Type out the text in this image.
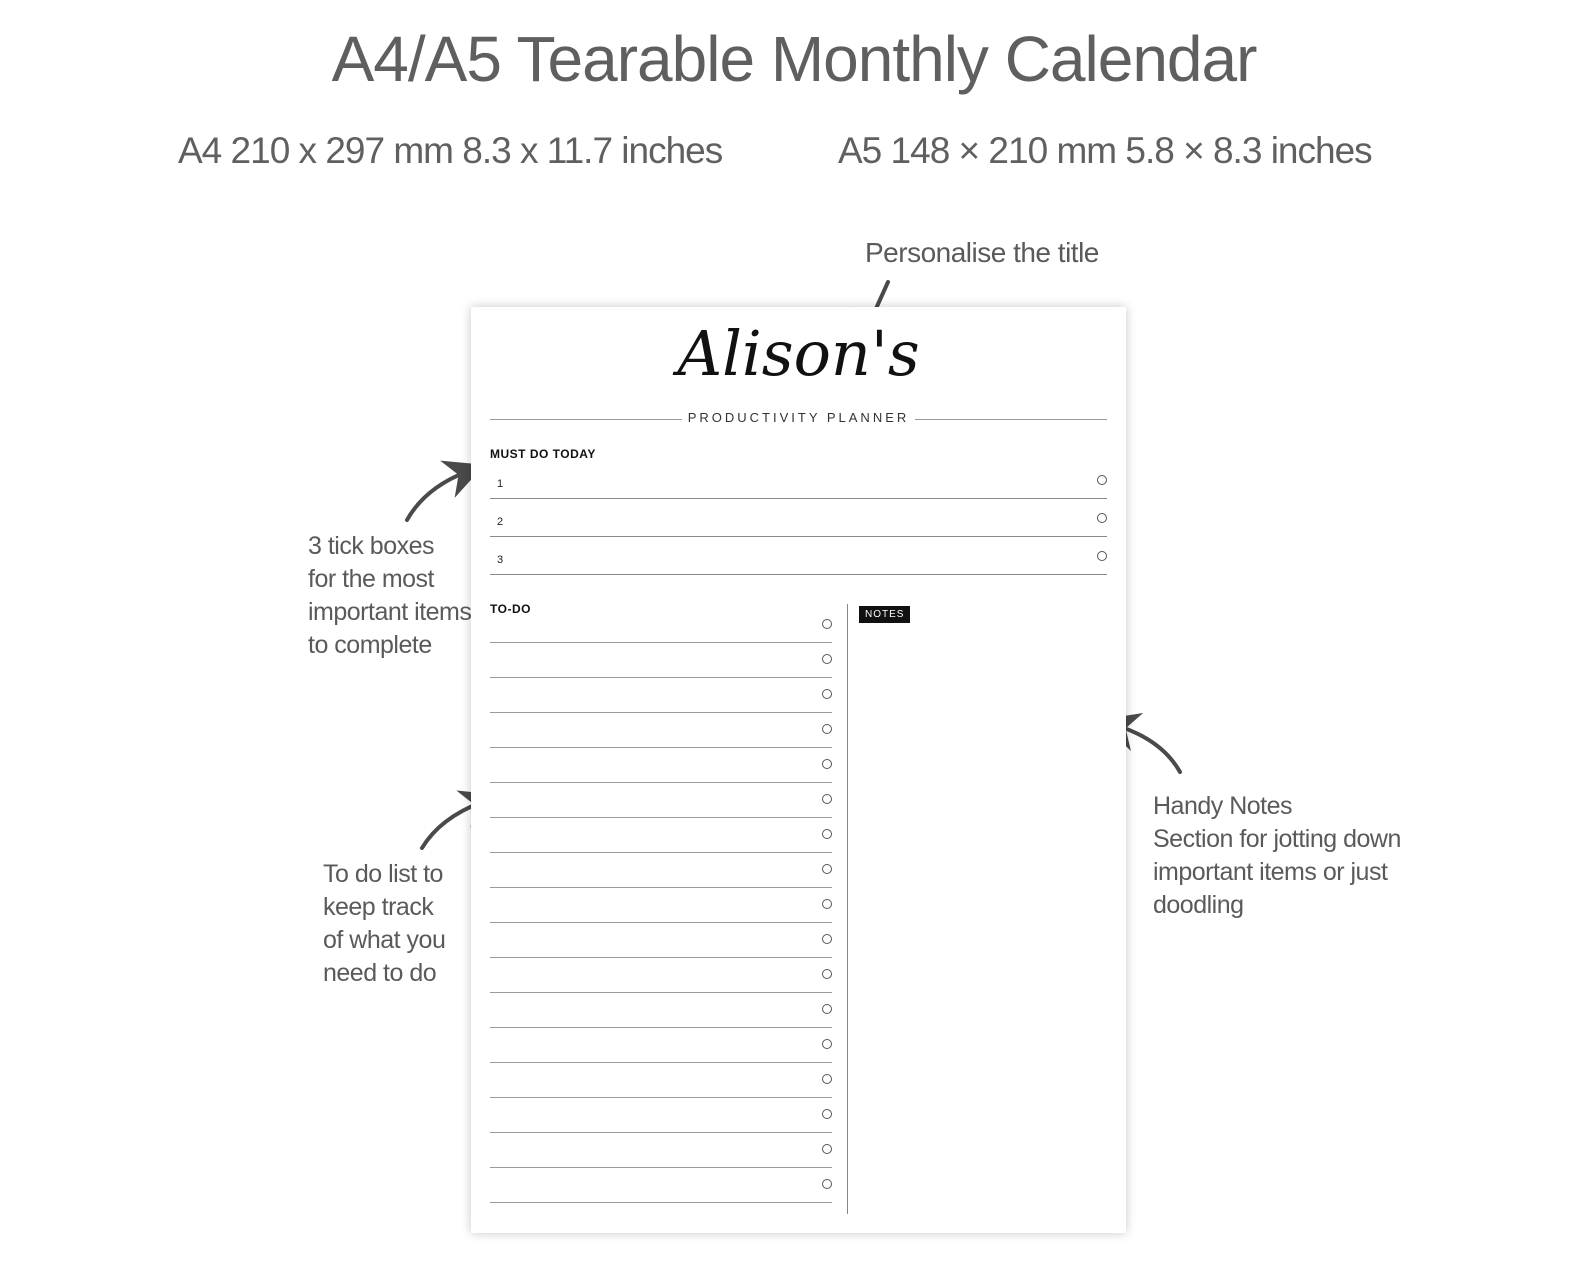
A4/A5 Tearable Monthly Calendar
A4 210 x 297 mm 8.3 x 11.7 inches	A5 148 × 210 mm 5.8 × 8.3 inches
Personalise the title
3 tick boxes
for the most
important items
to complete
To do list to
keep track
of what you
need to do
Handy Notes
Section for jotting down
important items or just
doodling
Alison's
PRODUCTIVITY PLANNER
MUST DO TODAY
1
2
3
TO-DO	NOTES
